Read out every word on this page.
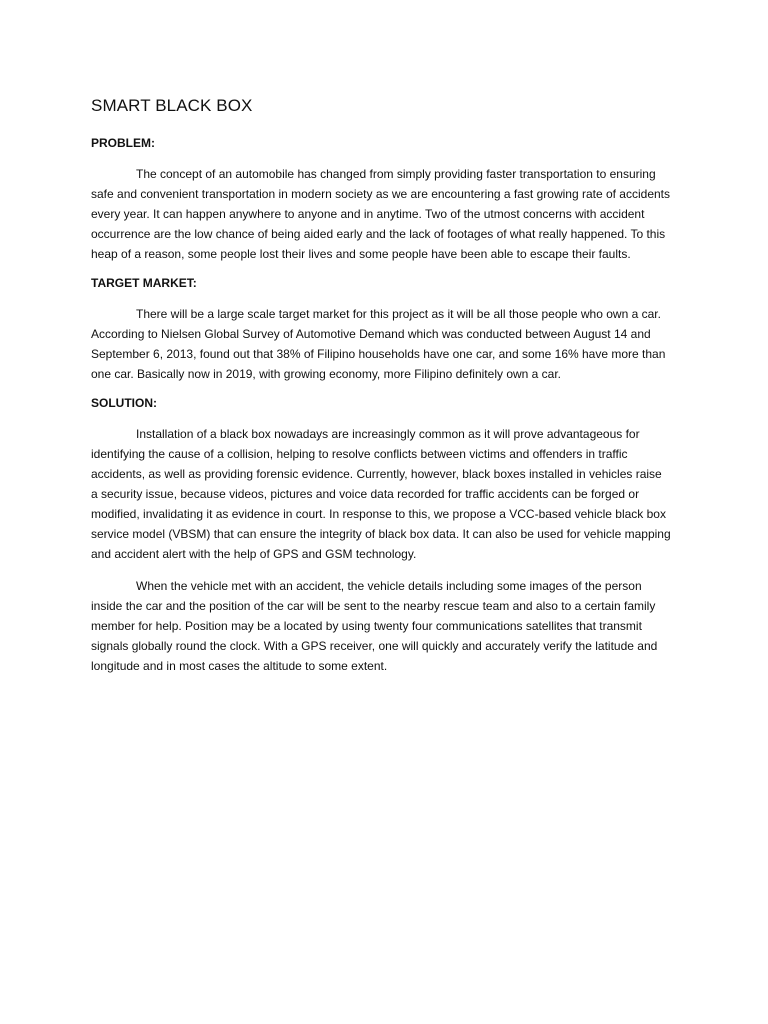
SMART BLACK BOX
PROBLEM:

The concept of an automobile has changed from simply providing faster transportation to ensuring safe and convenient transportation in modern society as we are encountering a fast growing rate of accidents every year. It can happen anywhere to anyone and in anytime. Two of the utmost concerns with accident occurrence are the low chance of being aided early and the lack of footages of what really happened. To this heap of a reason, some people lost their lives and some people have been able to escape their faults.

TARGET MARKET:

There will be a large scale target market for this project as it will be all those people who own a car. According to Nielsen Global Survey of Automotive Demand which was conducted between August 14 and September 6, 2013, found out that 38% of Filipino households have one car, and some 16% have more than one car. Basically now in 2019, with growing economy, more Filipino definitely own a car.

SOLUTION:

Installation of a black box nowadays are increasingly common as it will prove advantageous for identifying the cause of a collision, helping to resolve conflicts between victims and offenders in traffic accidents, as well as providing forensic evidence. Currently, however, black boxes installed in vehicles raise a security issue, because videos, pictures and voice data recorded for traffic accidents can be forged or modified, invalidating it as evidence in court. In response to this, we propose a VCC-based vehicle black box service model (VBSM) that can ensure the integrity of black box data. It can also be used for vehicle mapping and accident alert with the help of GPS and GSM technology.

When the vehicle met with an accident, the vehicle details including some images of the person inside the car and the position of the car will be sent to the nearby rescue team and also to a certain family member for help. Position may be a located by using twenty four communications satellites that transmit signals globally round the clock. With a GPS receiver, one will quickly and accurately verify the latitude and longitude and in most cases the altitude to some extent.
